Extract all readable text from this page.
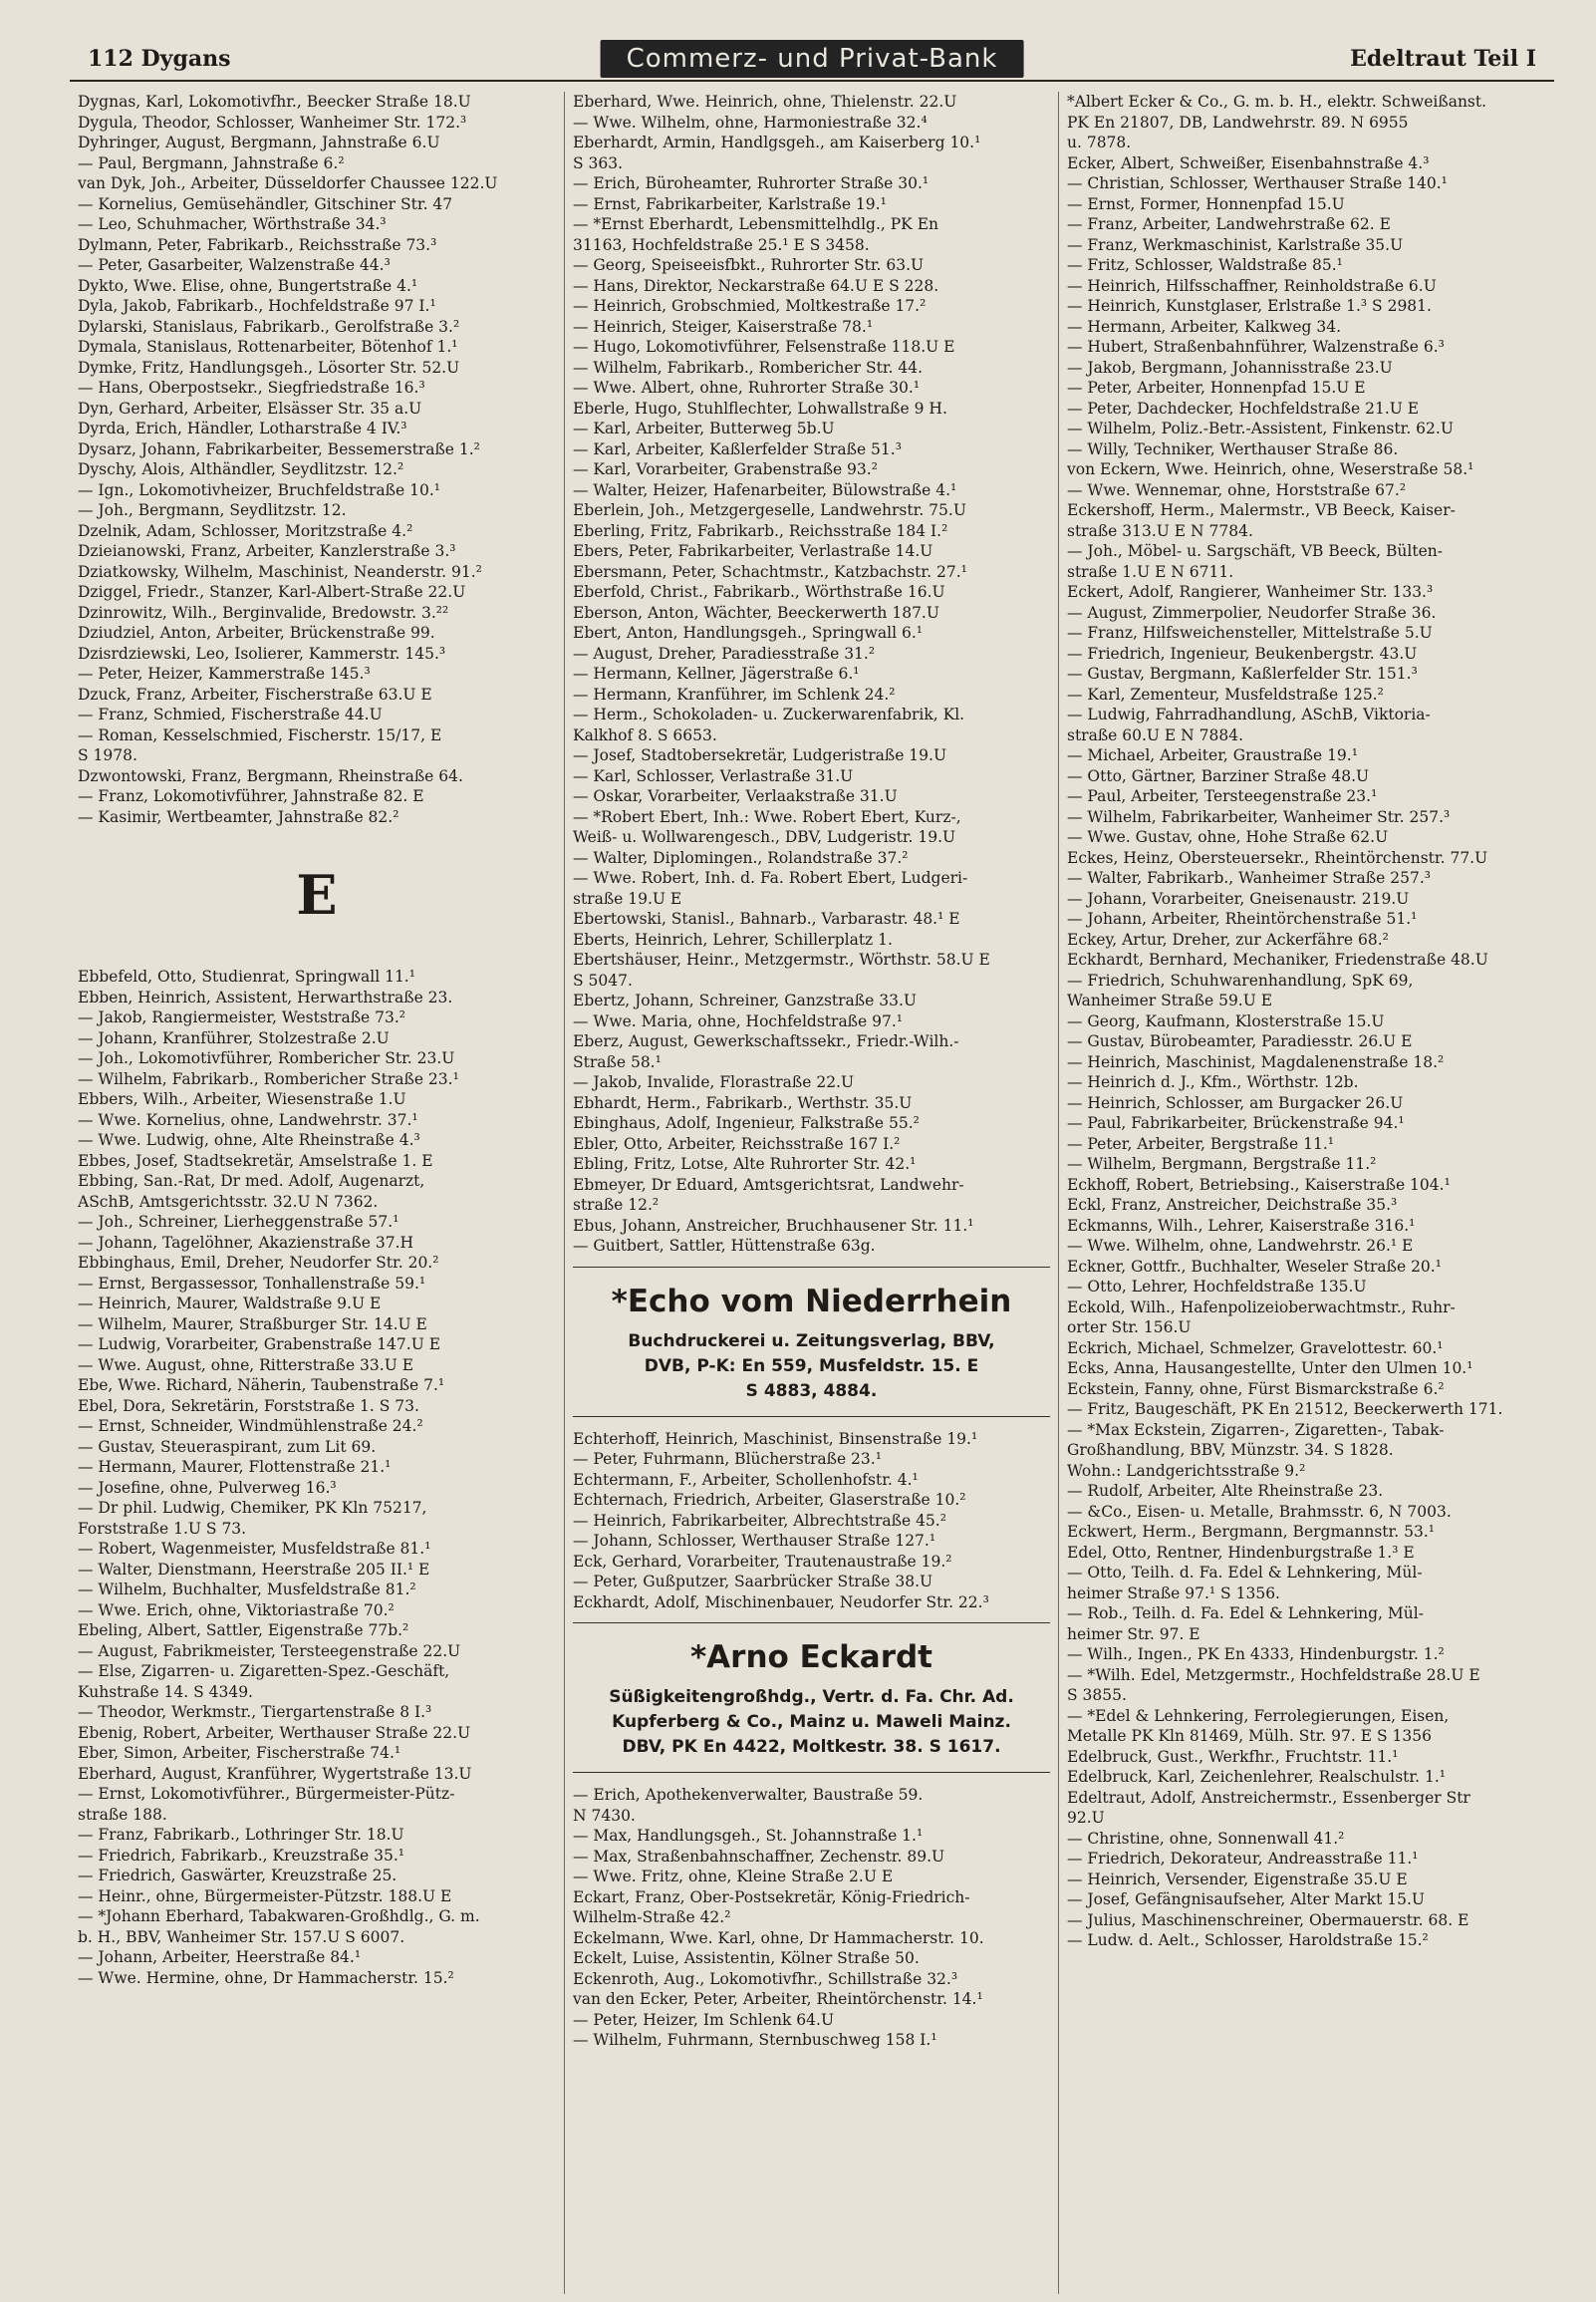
112 Dygans	Commerz- und Privat-Bank	Edeltraut Teil I
Dygnas, Karl, Lokomotivfhr., Beecker Straße 18.U
Dygula, Theodor, Schlosser, Wanheimer Str. 172.³
Dyhringer, August, Bergmann, Jahnstraße 6.U
— Paul, Bergmann, Jahnstraße 6.²
van Dyk, Joh., Arbeiter, Düsseldorfer Chaussee 122.U
— Kornelius, Gemüsehändler, Gitschiner Str. 47
— Leo, Schuhmacher, Wörthstraße 34.³
Dylmann, Peter, Fabrikarb., Reichsstraße 73.³
— Peter, Gasarbeiter, Walzenstraße 44.³
Dykto, Wwe. Elise, ohne, Bungertstraße 4.¹
Dyla, Jakob, Fabrikarb., Hochfeldstraße 97 I.¹
Dylarski, Stanislaus, Fabrikarb., Gerolfstraße 3.²
Dymala, Stanislaus, Rottenarbeiter, Bötenhof 1.¹
Dymke, Fritz, Handlungsgeh., Lösorter Str. 52.U
— Hans, Oberpostsekr., Siegfriedstraße 16.³
Dyn, Gerhard, Arbeiter, Elsässer Str. 35 a.U
Dyrda, Erich, Händler, Lotharstraße 4 IV.³
Dysarz, Johann, Fabrikarbeiter, Bessemerstraße 1.²
Dyschy, Alois, Althändler, Seydlitzstr. 12.²
— Ign., Lokomotivheizer, Bruchfeldstraße 10.¹
— Joh., Bergmann, Seydlitzstr. 12.
Dzelnik, Adam, Schlosser, Moritzstraße 4.²
Dzieianowski, Franz, Arbeiter, Kanzlerstraße 3.³
Dziatkowsky, Wilhelm, Maschinist, Neanderstr. 91.²
Dziggel, Friedr., Stanzer, Karl-Albert-Straße 22.U
Dzinrowitz, Wilh., Berginvalide, Bredowstr. 3.²²
Dziudziel, Anton, Arbeiter, Brückenstraße 99.
Dzisrdziewski, Leo, Isolierer, Kammerstr. 145.³
— Peter, Heizer, Kammerstraße 145.³
Dzuck, Franz, Arbeiter, Fischerstraße 63.U E
— Franz, Schmied, Fischerstraße 44.U
— Roman, Kesselschmied, Fischerstr. 15/17, E
S 1978.
Dzwontowski, Franz, Bergmann, Rheinstraße 64.
— Franz, Lokomotivführer, Jahnstraße 82. E
— Kasimir, Wertbeamter, Jahnstraße 82.²
E
Ebbefeld, Otto, Studienrat, Springwall 11.¹
Ebben, Heinrich, Assistent, Herwarthstraße 23.
— Jakob, Rangiermeister, Weststraße 73.²
— Johann, Kranführer, Stolzestraße 2.U
— Joh., Lokomotivführer, Rombericher Str. 23.U
— Wilhelm, Fabrikarb., Rombericher Straße 23.¹
Ebbers, Wilh., Arbeiter, Wiesenstraße 1.U
— Wwe. Kornelius, ohne, Landwehrstr. 37.¹
— Wwe. Ludwig, ohne, Alte Rheinstraße 4.³
Ebbes, Josef, Stadtsekretär, Amselstraße 1. E
Ebbing, San.-Rat, Dr med. Adolf, Augenarzt,
ASchB, Amtsgerichtsstr. 32.U N 7362.
— Joh., Schreiner, Lierheggenstraße 57.¹
— Johann, Tagelöhner, Akazienstraße 37.H
Ebbinghaus, Emil, Dreher, Neudorfer Str. 20.²
— Ernst, Bergassessor, Tonhallenstraße 59.¹
— Heinrich, Maurer, Waldstraße 9.U E
— Wilhelm, Maurer, Straßburger Str. 14.U E
— Ludwig, Vorarbeiter, Grabenstraße 147.U E
— Wwe. August, ohne, Ritterstraße 33.U E
Ebe, Wwe. Richard, Näherin, Taubenstraße 7.¹
Ebel, Dora, Sekretärin, Forststraße 1. S 73.
— Ernst, Schneider, Windmühlenstraße 24.²
— Gustav, Steueraspirant, zum Lit 69.
— Hermann, Maurer, Flottenstraße 21.¹
— Josefine, ohne, Pulverweg 16.³
— Dr phil. Ludwig, Chemiker, PK Kln 75217,
Forststraße 1.U S 73.
— Robert, Wagenmeister, Musfeldstraße 81.¹
— Walter, Dienstmann, Heerstraße 205 II.¹ E
— Wilhelm, Buchhalter, Musfeldstraße 81.²
— Wwe. Erich, ohne, Viktoriastraße 70.²
Ebeling, Albert, Sattler, Eigenstraße 77b.²
— August, Fabrikmeister, Tersteegenstraße 22.U
— Else, Zigarren- u. Zigaretten-Spez.-Geschäft,
Kuhstraße 14. S 4349.
— Theodor, Werkmstr., Tiergartenstraße 8 I.³
Ebenig, Robert, Arbeiter, Werthauser Straße 22.U
Eber, Simon, Arbeiter, Fischerstraße 74.¹
Eberhard, August, Kranführer, Wygertstraße 13.U
— Ernst, Lokomotivführer., Bürgermeister-Pütz-
straße 188.
— Franz, Fabrikarb., Lothringer Str. 18.U
— Friedrich, Fabrikarb., Kreuzstraße 35.¹
— Friedrich, Gaswärter, Kreuzstraße 25.
— Heinr., ohne, Bürgermeister-Pützstr. 188.U E
— *Johann Eberhard, Tabakwaren-Großhdlg., G. m.
b. H., BBV, Wanheimer Str. 157.U S 6007.
— Johann, Arbeiter, Heerstraße 84.¹
— Wwe. Hermine, ohne, Dr Hammacherstr. 15.²
Eberhard, Wwe. Heinrich, ohne, Thielenstr. 22.U
— Wwe. Wilhelm, ohne, Harmoniestraße 32.⁴
Eberhardt, Armin, Handlgsgeh., am Kaiserberg 10.¹
S 363.
— Erich, Büroheamter, Ruhrorter Straße 30.¹
— Ernst, Fabrikarbeiter, Karlstraße 19.¹
— *Ernst Eberhardt, Lebensmittelhdlg., PK En
31163, Hochfeldstraße 25.¹ E S 3458.
— Georg, Speiseeisfbkt., Ruhrorter Str. 63.U
— Hans, Direktor, Neckarstraße 64.U E S 228.
— Heinrich, Grobschmied, Moltkestraße 17.²
— Heinrich, Steiger, Kaiserstraße 78.¹
— Hugo, Lokomotivführer, Felsenstraße 118.U E
— Wilhelm, Fabrikarb., Rombericher Str. 44.
— Wwe. Albert, ohne, Ruhrorter Straße 30.¹
Eberle, Hugo, Stuhlflechter, Lohwallstraße 9 H.
— Karl, Arbeiter, Butterweg 5b.U
— Karl, Arbeiter, Kaßlerfelder Straße 51.³
— Karl, Vorarbeiter, Grabenstraße 93.²
— Walter, Heizer, Hafenarbeiter, Bülowstraße 4.¹
Eberlein, Joh., Metzgergeselle, Landwehrstr. 75.U
Eberling, Fritz, Fabrikarb., Reichsstraße 184 I.²
Ebers, Peter, Fabrikarbeiter, Verlastraße 14.U
Ebersmann, Peter, Schachtmstr., Katzbachstr. 27.¹
Eberfold, Christ., Fabrikarb., Wörthstraße 16.U
Eberson, Anton, Wächter, Beeckerwerth 187.U
Ebert, Anton, Handlungsgeh., Springwall 6.¹
— August, Dreher, Paradiesstraße 31.²
— Hermann, Kellner, Jägerstraße 6.¹
— Hermann, Kranführer, im Schlenk 24.²
— Herm., Schokoladen- u. Zuckerwarenfabrik, Kl.
Kalkhof 8. S 6653.
— Josef, Stadtobersekretär, Ludgeristraße 19.U
— Karl, Schlosser, Verlastraße 31.U
— Oskar, Vorarbeiter, Verlaakstraße 31.U
— *Robert Ebert, Inh.: Wwe. Robert Ebert, Kurz-,
Weiß- u. Wollwarengesch., DBV, Ludgeristr. 19.U
— Walter, Diplomingen., Rolandstraße 37.²
— Wwe. Robert, Inh. d. Fa. Robert Ebert, Ludgeri-
straße 19.U E
Ebertowski, Stanisl., Bahnarb., Varbarastr. 48.¹ E
Eberts, Heinrich, Lehrer, Schillerplatz 1.
Ebertshäuser, Heinr., Metzgermstr., Wörthstr. 58.U E
S 5047.
Ebertz, Johann, Schreiner, Ganzstraße 33.U
— Wwe. Maria, ohne, Hochfeldstraße 97.¹
Eberz, August, Gewerkschaftssekr., Friedr.-Wilh.-
Straße 58.¹
— Jakob, Invalide, Florastraße 22.U
Ebhardt, Herm., Fabrikarb., Werthstr. 35.U
Ebinghaus, Adolf, Ingenieur, Falkstraße 55.²
Ebler, Otto, Arbeiter, Reichsstraße 167 I.²
Ebling, Fritz, Lotse, Alte Ruhrorter Str. 42.¹
Ebmeyer, Dr Eduard, Amtsgerichtsrat, Landwehr-
straße 12.²
Ebus, Johann, Anstreicher, Bruchhausener Str. 11.¹
— Guitbert, Sattler, Hüttenstraße 63g.
*Echo vom Niederrhein
Buchdruckerei u. Zeitungsverlag, BBV,
DVB, P-K: En 559, Musfeldstr. 15. E
S 4883, 4884.
Echterhoff, Heinrich, Maschinist, Binsenstraße 19.¹
— Peter, Fuhrmann, Blücherstraße 23.¹
Echtermann, F., Arbeiter, Schollenhofstr. 4.¹
Echternach, Friedrich, Arbeiter, Glaserstraße 10.²
— Heinrich, Fabrikarbeiter, Albrechtstraße 45.²
— Johann, Schlosser, Werthauser Straße 127.¹
Eck, Gerhard, Vorarbeiter, Trautenaustraße 19.²
— Peter, Gußputzer, Saarbrücker Straße 38.U
Eckhardt, Adolf, Mischinenbauer, Neudorfer Str. 22.³
*Arno Eckardt
Süßigkeitengroßhdg., Vertr. d. Fa. Chr. Ad.
Kupferberg & Co., Mainz u. Maweli Mainz.
DBV, PK En 4422, Moltkestr. 38. S 1617.
— Erich, Apothekenverwalter, Baustraße 59.
N 7430.
— Max, Handlungsgeh., St. Johannstraße 1.¹
— Max, Straßenbahnschaffner, Zechenstr. 89.U
— Wwe. Fritz, ohne, Kleine Straße 2.U E
Eckart, Franz, Ober-Postsekretär, König-Friedrich-
Wilhelm-Straße 42.²
Eckelmann, Wwe. Karl, ohne, Dr Hammacherstr. 10.
Eckelt, Luise, Assistentin, Kölner Straße 50.
Eckenroth, Aug., Lokomotivfhr., Schillstraße 32.³
van den Ecker, Peter, Arbeiter, Rheintörchenstr. 14.¹
— Peter, Heizer, Im Schlenk 64.U
— Wilhelm, Fuhrmann, Sternbuschweg 158 I.¹
*Albert Ecker & Co., G. m. b. H., elektr. Schweißanst.
PK En 21807, DB, Landwehrstr. 89. N 6955
u. 7878.
Ecker, Albert, Schweißer, Eisenbahnstraße 4.³
— Christian, Schlosser, Werthauser Straße 140.¹
— Ernst, Former, Honnenpfad 15.U
— Franz, Arbeiter, Landwehrstraße 62. E
— Franz, Werkmaschinist, Karlstraße 35.U
— Fritz, Schlosser, Waldstraße 85.¹
— Heinrich, Hilfsschaffner, Reinholdstraße 6.U
— Heinrich, Kunstglaser, Erlstraße 1.³ S 2981.
— Hermann, Arbeiter, Kalkweg 34.
— Hubert, Straßenbahnführer, Walzenstraße 6.³
— Jakob, Bergmann, Johannisstraße 23.U
— Peter, Arbeiter, Honnenpfad 15.U E
— Peter, Dachdecker, Hochfeldstraße 21.U E
— Wilhelm, Poliz.-Betr.-Assistent, Finkenstr. 62.U
— Willy, Techniker, Werthauser Straße 86.
von Eckern, Wwe. Heinrich, ohne, Weserstraße 58.¹
— Wwe. Wennemar, ohne, Horststraße 67.²
Eckershoff, Herm., Malermstr., VB Beeck, Kaiser-
straße 313.U E N 7784.
— Joh., Möbel- u. Sargschäft, VB Beeck, Bülten-
straße 1.U E N 6711.
Eckert, Adolf, Rangierer, Wanheimer Str. 133.³
— August, Zimmerpolier, Neudorfer Straße 36.
— Franz, Hilfsweichensteller, Mittelstraße 5.U
— Friedrich, Ingenieur, Beukenbergstr. 43.U
— Gustav, Bergmann, Kaßlerfelder Str. 151.³
— Karl, Zementeur, Musfeldstraße 125.²
— Ludwig, Fahrradhandlung, ASchB, Viktoria-
straße 60.U E N 7884.
— Michael, Arbeiter, Graustraße 19.¹
— Otto, Gärtner, Barziner Straße 48.U
— Paul, Arbeiter, Tersteegenstraße 23.¹
— Wilhelm, Fabrikarbeiter, Wanheimer Str. 257.³
— Wwe. Gustav, ohne, Hohe Straße 62.U
Eckes, Heinz, Obersteuersekr., Rheintörchenstr. 77.U
— Walter, Fabrikarb., Wanheimer Straße 257.³
— Johann, Vorarbeiter, Gneisenaustr. 219.U
— Johann, Arbeiter, Rheintörchenstraße 51.¹
Eckey, Artur, Dreher, zur Ackerfähre 68.²
Eckhardt, Bernhard, Mechaniker, Friedenstraße 48.U
— Friedrich, Schuhwarenhandlung, SpK 69,
Wanheimer Straße 59.U E
— Georg, Kaufmann, Klosterstraße 15.U
— Gustav, Bürobeamter, Paradiesstr. 26.U E
— Heinrich, Maschinist, Magdalenenstraße 18.²
— Heinrich d. J., Kfm., Wörthstr. 12b.
— Heinrich, Schlosser, am Burgacker 26.U
— Paul, Fabrikarbeiter, Brückenstraße 94.¹
— Peter, Arbeiter, Bergstraße 11.¹
— Wilhelm, Bergmann, Bergstraße 11.²
Eckhoff, Robert, Betriebsing., Kaiserstraße 104.¹
Eckl, Franz, Anstreicher, Deichstraße 35.³
Eckmanns, Wilh., Lehrer, Kaiserstraße 316.¹
— Wwe. Wilhelm, ohne, Landwehrstr. 26.¹ E
Eckner, Gottfr., Buchhalter, Weseler Straße 20.¹
— Otto, Lehrer, Hochfeldstraße 135.U
Eckold, Wilh., Hafenpolizeioberwachtmstr., Ruhr-
orter Str. 156.U
Eckrich, Michael, Schmelzer, Gravelottestr. 60.¹
Ecks, Anna, Hausangestellte, Unter den Ulmen 10.¹
Eckstein, Fanny, ohne, Fürst Bismarckstraße 6.²
— Fritz, Baugeschäft, PK En 21512, Beeckerwerth 171.
— *Max Eckstein, Zigarren-, Zigaretten-, Tabak-
Großhandlung, BBV, Münzstr. 34. S 1828.
Wohn.: Landgerichtsstraße 9.²
— Rudolf, Arbeiter, Alte Rheinstraße 23.
— &Co., Eisen- u. Metalle, Brahmsstr. 6, N 7003.
Eckwert, Herm., Bergmann, Bergmannstr. 53.¹
Edel, Otto, Rentner, Hindenburgstraße 1.³ E
— Otto, Teilh. d. Fa. Edel & Lehnkering, Mül-
heimer Straße 97.¹ S 1356.
— Rob., Teilh. d. Fa. Edel & Lehnkering, Mül-
heimer Str. 97. E
— Wilh., Ingen., PK En 4333, Hindenburgstr. 1.²
— *Wilh. Edel, Metzgermstr., Hochfeldstraße 28.U E
S 3855.
— *Edel & Lehnkering, Ferrolegierungen, Eisen,
Metalle PK Kln 81469, Mülh. Str. 97. E S 1356
Edelbruck, Gust., Werkfhr., Fruchtstr. 11.¹
Edelbruck, Karl, Zeichenlehrer, Realschulstr. 1.¹
Edeltraut, Adolf, Anstreichermstr., Essenberger Str
92.U
— Christine, ohne, Sonnenwall 41.²
— Friedrich, Dekorateur, Andreasstraße 11.¹
— Heinrich, Versender, Eigenstraße 35.U E
— Josef, Gefängnisaufseher, Alter Markt 15.U
— Julius, Maschinenschreiner, Obermauerstr. 68. E
— Ludw. d. Aelt., Schlosser, Haroldstraße 15.²
